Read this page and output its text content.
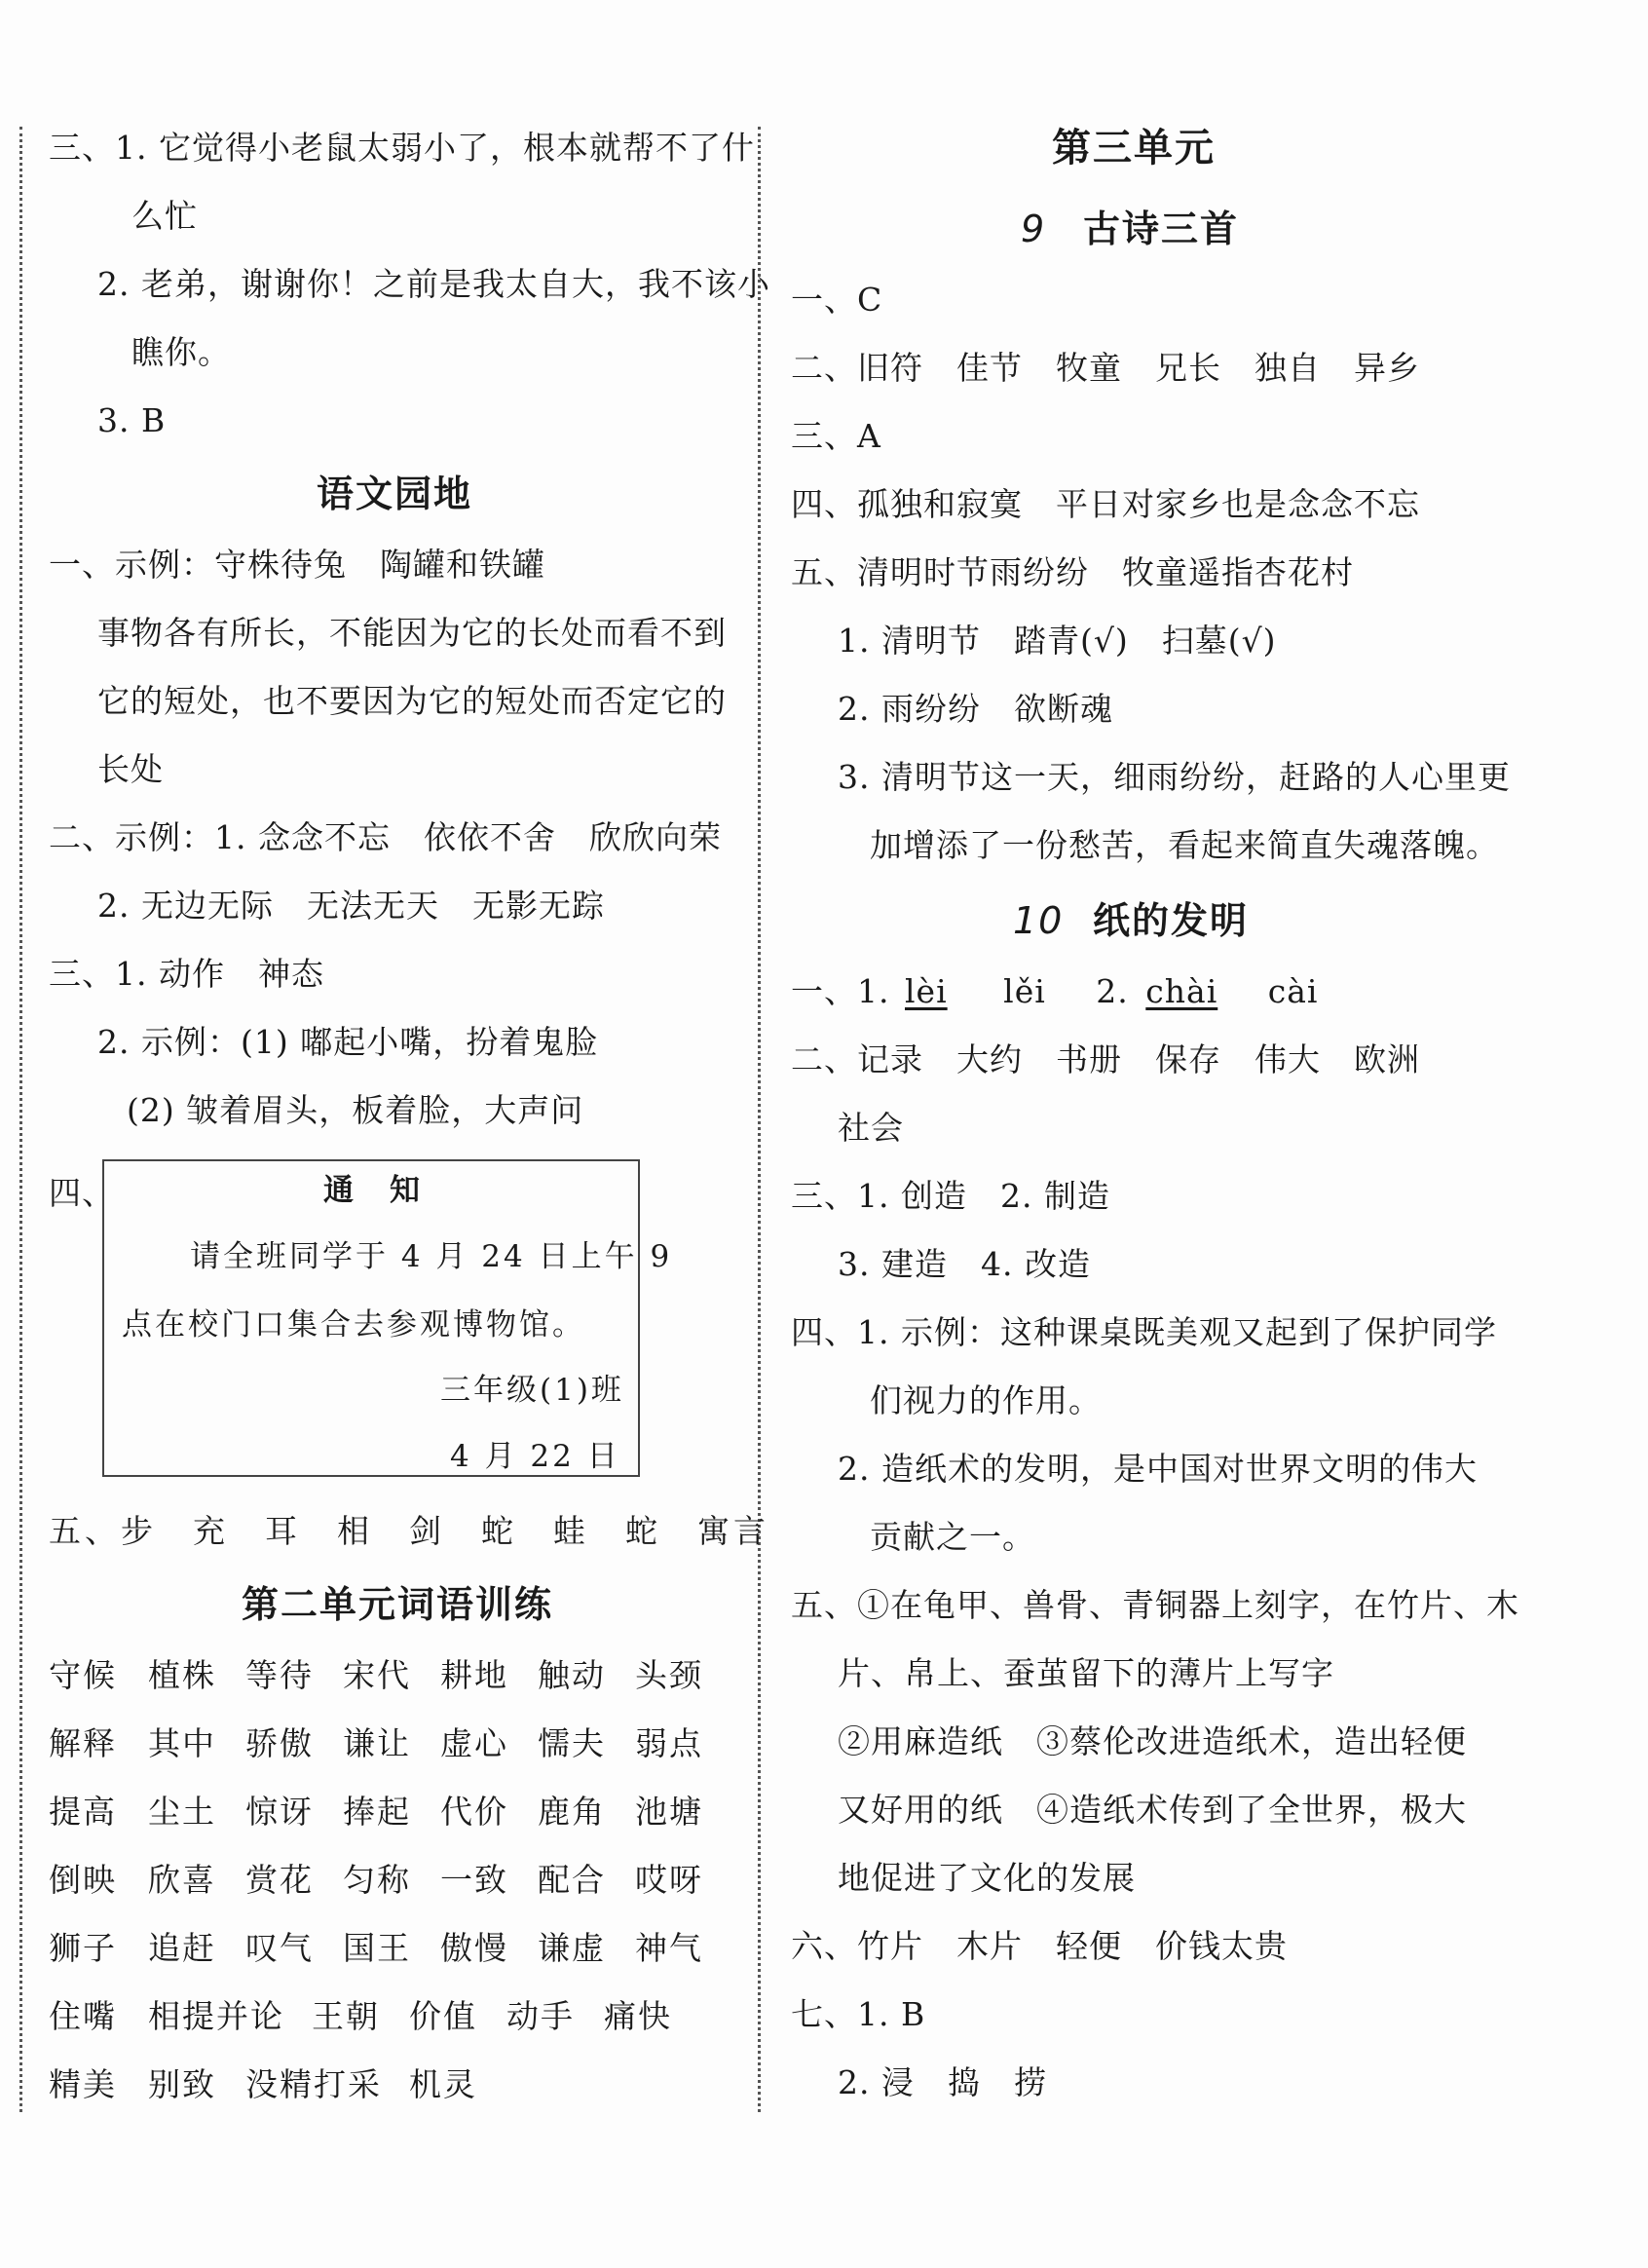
三、1. 它觉得小老鼠太弱小了，根本就帮不了什
么忙
2. 老弟，谢谢你！之前是我太自大，我不该小
瞧你。
3. B
语文园地
一、示例：守株待兔　陶罐和铁罐
事物各有所长，不能因为它的长处而看不到
它的短处，也不要因为它的短处而否定它的
长处
二、示例：1. 念念不忘　依依不舍　欣欣向荣
2. 无边无际　无法无天　无影无踪
三、1. 动作　神态
2. 示例：(1) 嘟起小嘴，扮着鬼脸
(2) 皱着眉头，板着脸，大声问
四、	通　知
请全班同学于 4 月 24 日上午 9
点在校门口集合去参观博物馆。
三年级(1)班
4 月 22 日
五、步　充　耳　相　剑　蛇　蛙　蛇　寓言
第二单元词语训练
守候 植株 等待 宋代 耕地 触动 头颈
解释 其中 骄傲 谦让 虚心 懦夫 弱点
提高 尘土 惊讶 捧起 代价 鹿角 池塘
倒映 欣喜 赏花 匀称 一致 配合 哎呀
狮子 追赶 叹气 国王 傲慢 谦虚 神气
住嘴 相提并论 王朝 价值 动手 痛快
精美 别致 没精打采 机灵
第三单元
9 古诗三首
一、C
二、旧符　佳节　牧童　兄长　独自　异乡
三、A
四、孤独和寂寞　平日对家乡也是念念不忘
五、清明时节雨纷纷　牧童遥指杏花村
1. 清明节　踏青(√)　扫墓(√)
2. 雨纷纷　欲断魂
3. 清明节这一天，细雨纷纷，赶路的人心里更
加增添了一份愁苦，看起来简直失魂落魄。
10 纸的发明
一、1. lèi lěi 2. chài cài
二、记录　大约　书册　保存　伟大　欧洲
社会
三、1. 创造　2. 制造
3. 建造　4. 改造
四、1. 示例：这种课桌既美观又起到了保护同学
们视力的作用。
2. 造纸术的发明，是中国对世界文明的伟大
贡献之一。
五、①在龟甲、兽骨、青铜器上刻字，在竹片、木
片、帛上、蚕茧留下的薄片上写字
②用麻造纸　③蔡伦改进造纸术，造出轻便
又好用的纸　④造纸术传到了全世界，极大
地促进了文化的发展
六、竹片　木片　轻便　价钱太贵
七、1. B
2. 浸　捣　捞
